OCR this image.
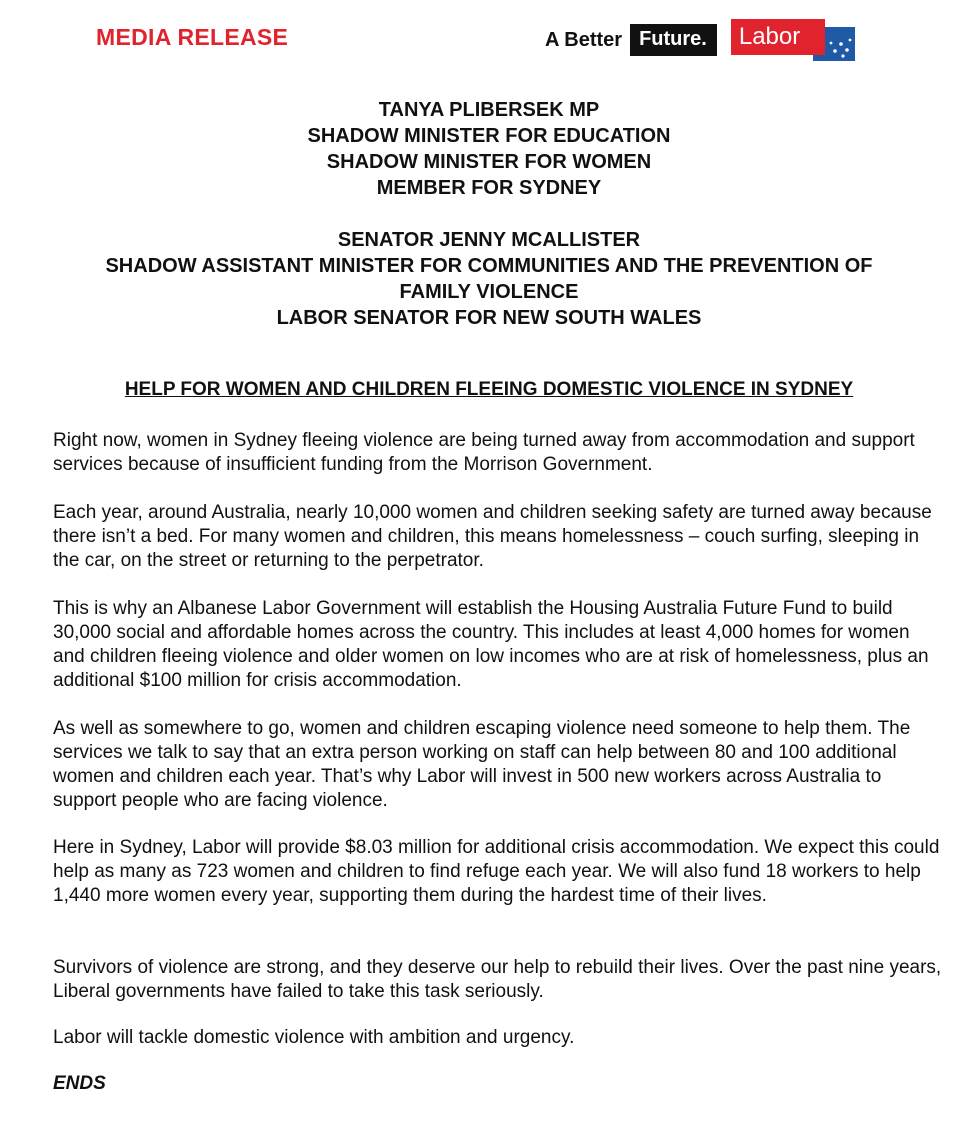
MEDIA RELEASE	A Better Future.	Labor
TANYA PLIBERSEK MP
SHADOW MINISTER FOR EDUCATION
SHADOW MINISTER FOR WOMEN
MEMBER FOR SYDNEY
SENATOR JENNY MCALLISTER
SHADOW ASSISTANT MINISTER FOR COMMUNITIES AND THE PREVENTION OF
FAMILY VIOLENCE
LABOR SENATOR FOR NEW SOUTH WALES
HELP FOR WOMEN AND CHILDREN FLEEING DOMESTIC VIOLENCE IN SYDNEY

Right now, women in Sydney fleeing violence are being turned away from accommodation and support services because of insufficient funding from the Morrison Government.

Each year, around Australia, nearly 10,000 women and children seeking safety are turned away because there isn’t a bed. For many women and children, this means homelessness – couch surfing, sleeping in the car, on the street or returning to the perpetrator.

This is why an Albanese Labor Government will establish the Housing Australia Future Fund to build 30,000 social and affordable homes across the country. This includes at least 4,000 homes for women and children fleeing violence and older women on low incomes who are at risk of homelessness, plus an additional $100 million for crisis accommodation.

As well as somewhere to go, women and children escaping violence need someone to help them. The services we talk to say that an extra person working on staff can help between 80 and 100 additional women and children each year. That’s why Labor will invest in 500 new workers across Australia to support people who are facing violence.

Here in Sydney, Labor will provide $8.03 million for additional crisis accommodation. We expect this could help as many as 723 women and children to find refuge each year. We will also fund 18 workers to help 1,440 more women every year, supporting them during the hardest time of their lives.

Survivors of violence are strong, and they deserve our help to rebuild their lives. Over the past nine years, Liberal governments have failed to take this task seriously.

Labor will tackle domestic violence with ambition and urgency.

ENDS
